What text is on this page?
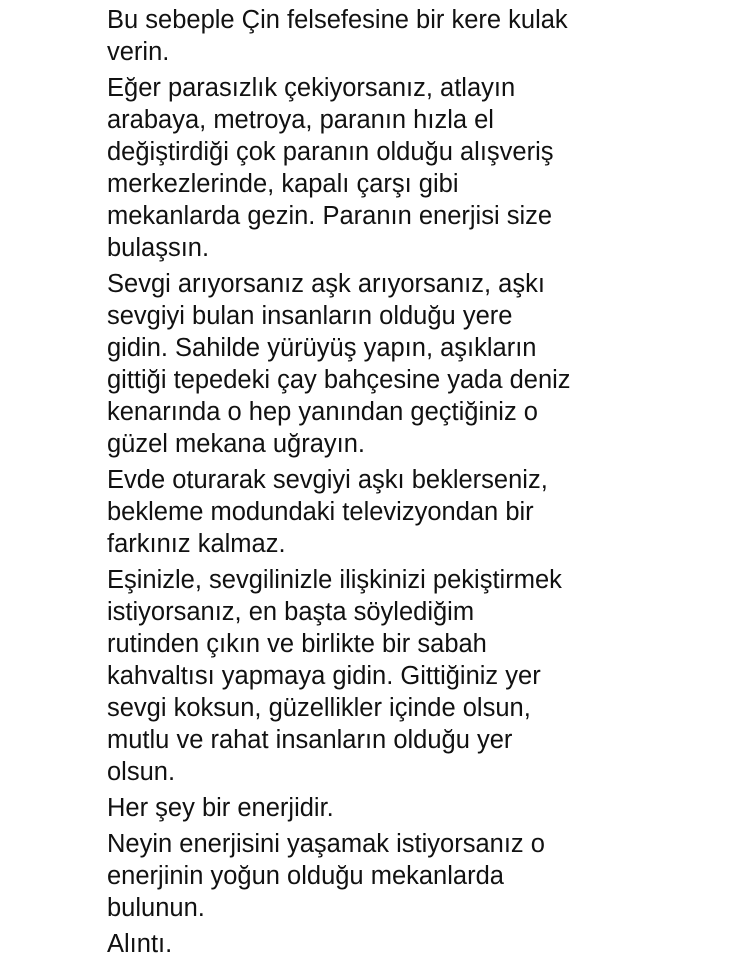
Bu sebeple Çin felsefesine bir kere kulak
verin.

Eğer parasızlık çekiyorsanız, atlayın
arabaya, metroya, paranın hızla el
değiştirdiği çok paranın olduğu alışveriş
merkezlerinde, kapalı çarşı gibi
mekanlarda gezin. Paranın enerjisi size
bulaşsın.

Sevgi arıyorsanız aşk arıyorsanız, aşkı
sevgiyi bulan insanların olduğu yere
gidin. Sahilde yürüyüş yapın, aşıkların
gittiği tepedeki çay bahçesine yada deniz
kenarında o hep yanından geçtiğiniz o
güzel mekana uğrayın.

Evde oturarak sevgiyi aşkı beklerseniz,
bekleme modundaki televizyondan bir
farkınız kalmaz.

Eşinizle, sevgilinizle ilişkinizi pekiştirmek
istiyorsanız, en başta söylediğim
rutinden çıkın ve birlikte bir sabah
kahvaltısı yapmaya gidin. Gittiğiniz yer
sevgi koksun, güzellikler içinde olsun,
mutlu ve rahat insanların olduğu yer
olsun.

Her şey bir enerjidir.

Neyin enerjisini yaşamak istiyorsanız o
enerjinin yoğun olduğu mekanlarda
bulunun.

Alıntı.
